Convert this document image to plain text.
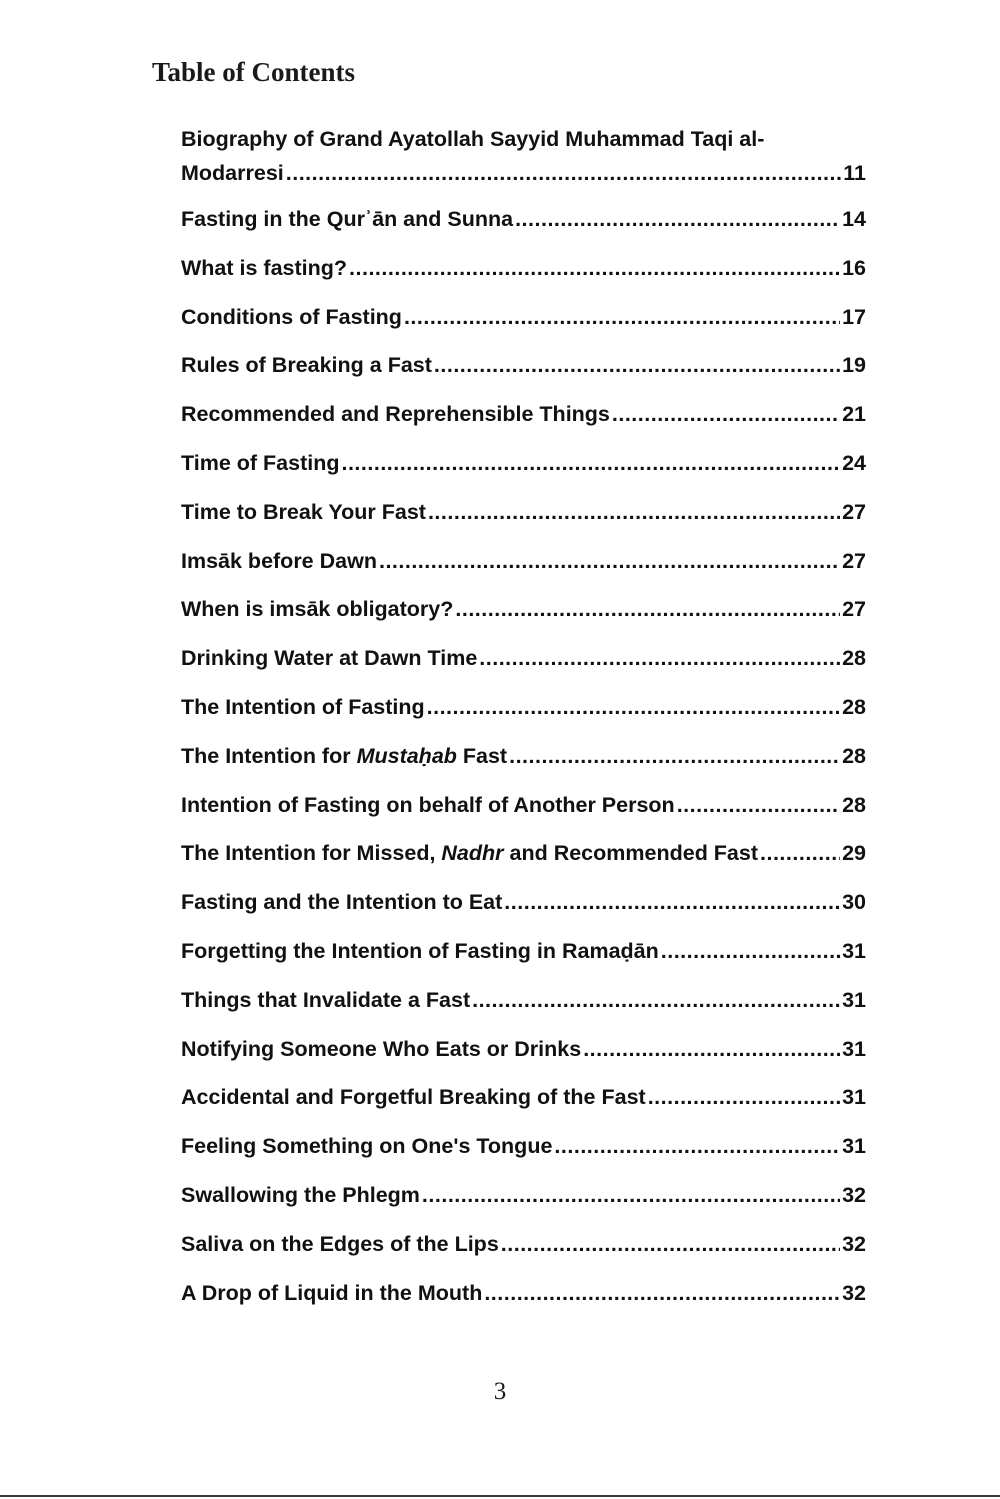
Table of Contents
Biography of Grand Ayatollah Sayyid Muhammad Taqi al-
Modarresi .....	11
Fasting in the Qurʾān and Sunna .....	14
What is fasting? .....	16
Conditions of Fasting .....	17
Rules of Breaking a Fast .....	19
Recommended and Reprehensible Things .....	21
Time of Fasting .....	24
Time to Break Your Fast .....	27
Imsāk before Dawn .....	27
When is imsāk obligatory? .....	27
Drinking Water at Dawn Time .....	28
The Intention of Fasting .....	28
The Intention for Mustaḥab Fast .....	28
Intention of Fasting on behalf of Another Person .....	28
The Intention for Missed, Nadhr and Recommended Fast .....	29
Fasting and the Intention to Eat .....	30
Forgetting the Intention of Fasting in Ramaḍān .....	31
Things that Invalidate a Fast .....	31
Notifying Someone Who Eats or Drinks .....	31
Accidental and Forgetful Breaking of the Fast .....	31
Feeling Something on One's Tongue .....	31
Swallowing the Phlegm .....	32
Saliva on the Edges of the Lips .....	32
A Drop of Liquid in the Mouth .....	32
3
